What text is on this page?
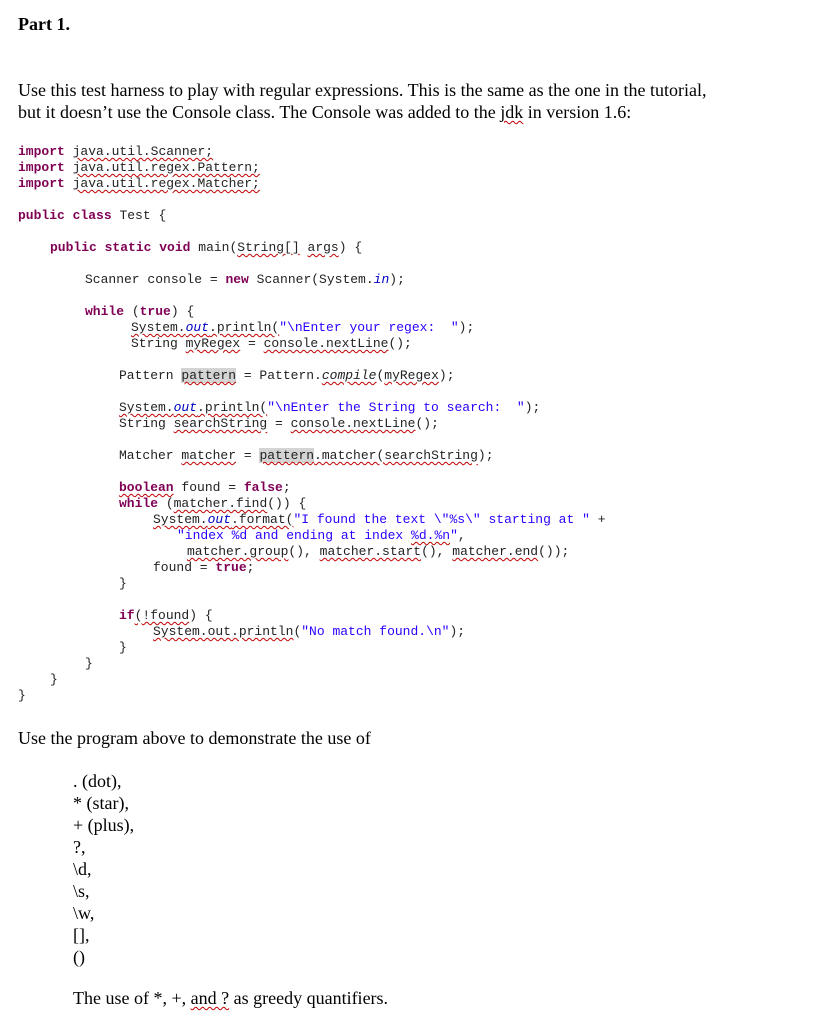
Part 1.
Use this test harness to play with regular expressions. This is the same as the one in the tutorial, but it doesn’t use the Console class. The Console was added to the jdk in version 1.6:
import java.util.Scanner;
import java.util.regex.Pattern;
import java.util.regex.Matcher;
public class Test {
public static void main(String[] args) {
Scanner console = new Scanner(System.in);
while (true) {
System.out.println("\nEnter your regex:  ");
String myRegex = console.nextLine();
Pattern pattern = Pattern.compile(myRegex);
System.out.println("\nEnter the String to search:  ");
String searchString = console.nextLine();
Matcher matcher = pattern.matcher(searchString);
boolean found = false;
while (matcher.find()) {
System.out.format("I found the text \"%s\" starting at " +
"index %d and ending at index %d.%n",
matcher.group(), matcher.start(), matcher.end());
found = true;
}
if(!found) {
System.out.println("No match found.\n");
}
}
}
}
Use the program above to demonstrate the use of
. (dot),
* (star),
+ (plus),
?,
\d,
\s,
\w,
[],
()
The use of *, +, and ? as greedy quantifiers.
